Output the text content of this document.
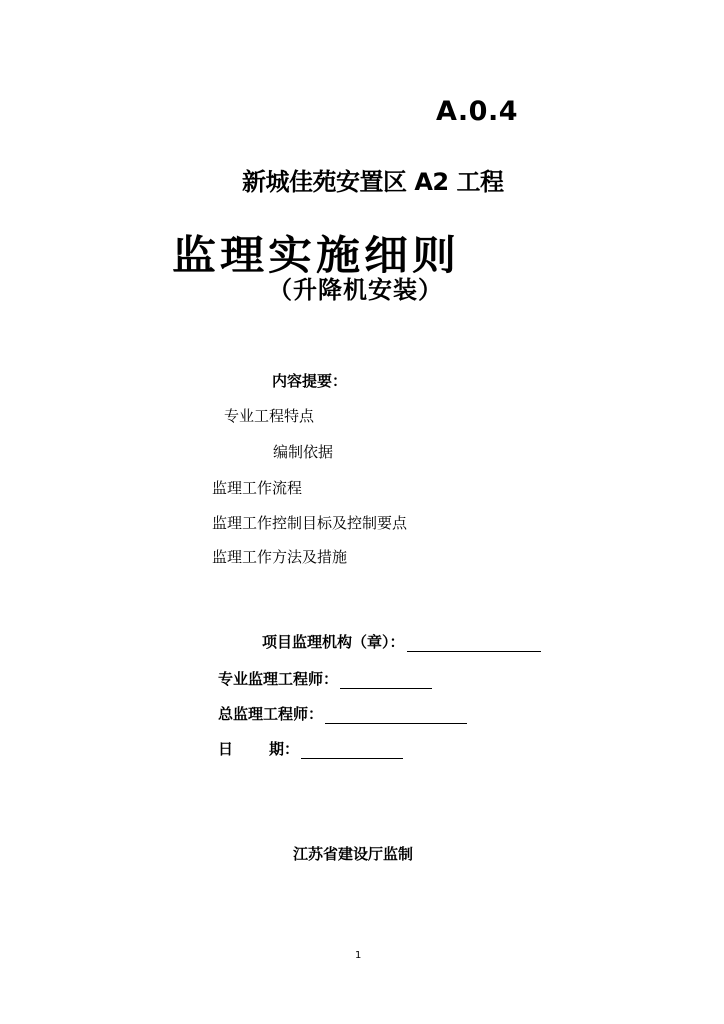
A.0.4
新城佳苑安置区 A2 工程
监理实施细则
（升降机安装）
内容提要：
专业工程特点
编制依据
监理工作流程
监理工作控制目标及控制要点
监理工作方法及措施
项目监理机构（章）：
专业监理工程师：
总监理工程师：
日 期：
江苏省建设厅监制
1
